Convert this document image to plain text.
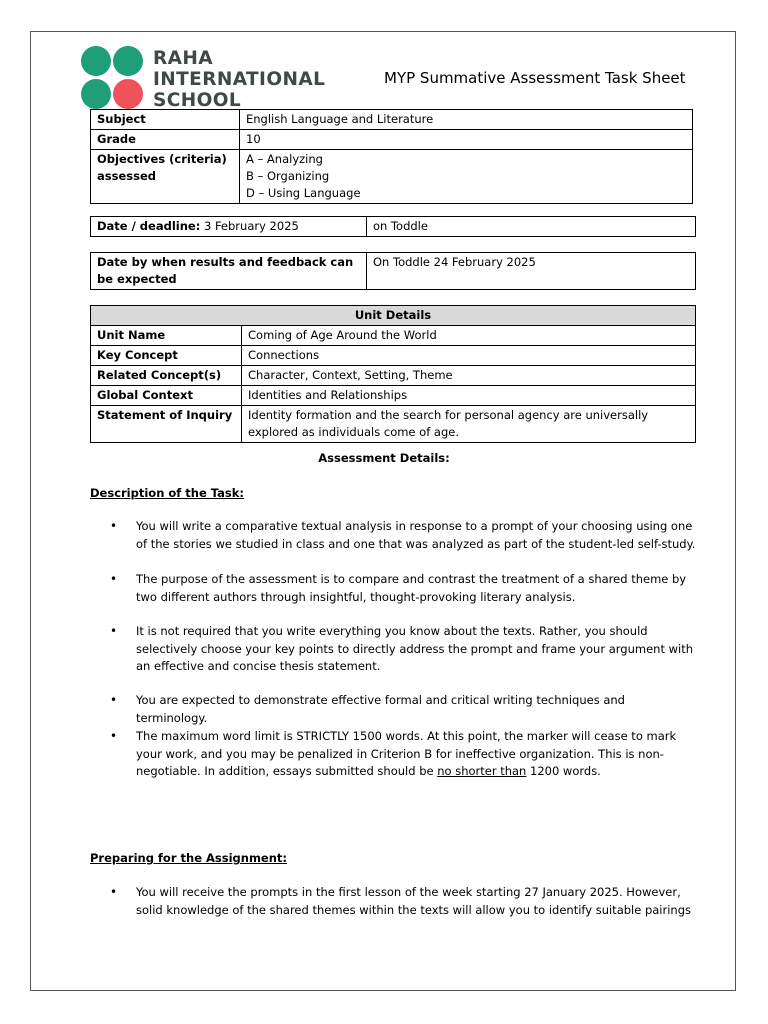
RAHA
INTERNATIONAL
SCHOOL
MYP Summative Assessment Task Sheet
Subject	English Language and Literature
Grade	10
Objectives (criteria) assessed	A – Analyzing
B – Organizing
D – Using Language
Date / deadline: 3 February 2025	on Toddle
Date by when results and feedback can be expected	On Toddle 24 February 2025
Unit Details	
Unit Name	Coming of Age Around the World
Key Concept	Connections
Related Concept(s)	Character, Context, Setting, Theme
Global Context	Identities and Relationships
Statement of Inquiry	Identity formation and the search for personal agency are universally explored as individuals come of age.
Assessment Details:
Description of the Task:
•	You will write a comparative textual analysis in response to a prompt of your choosing using one of the stories we studied in class and one that was analyzed as part of the student-led self-study.
•	The purpose of the assessment is to compare and contrast the treatment of a shared theme by two different authors through insightful, thought-provoking literary analysis.
•	It is not required that you write everything you know about the texts. Rather, you should selectively choose your key points to directly address the prompt and frame your argument with an effective and concise thesis statement.
•	You are expected to demonstrate effective formal and critical writing techniques and terminology.
•	The maximum word limit is STRICTLY 1500 words. At this point, the marker will cease to mark your work, and you may be penalized in Criterion B for ineffective organization. This is non-negotiable. In addition, essays submitted should be no shorter than 1200 words.
Preparing for the Assignment:
•	You will receive the prompts in the first lesson of the week starting 27 January 2025. However, solid knowledge of the shared themes within the texts will allow you to identify suitable pairings
